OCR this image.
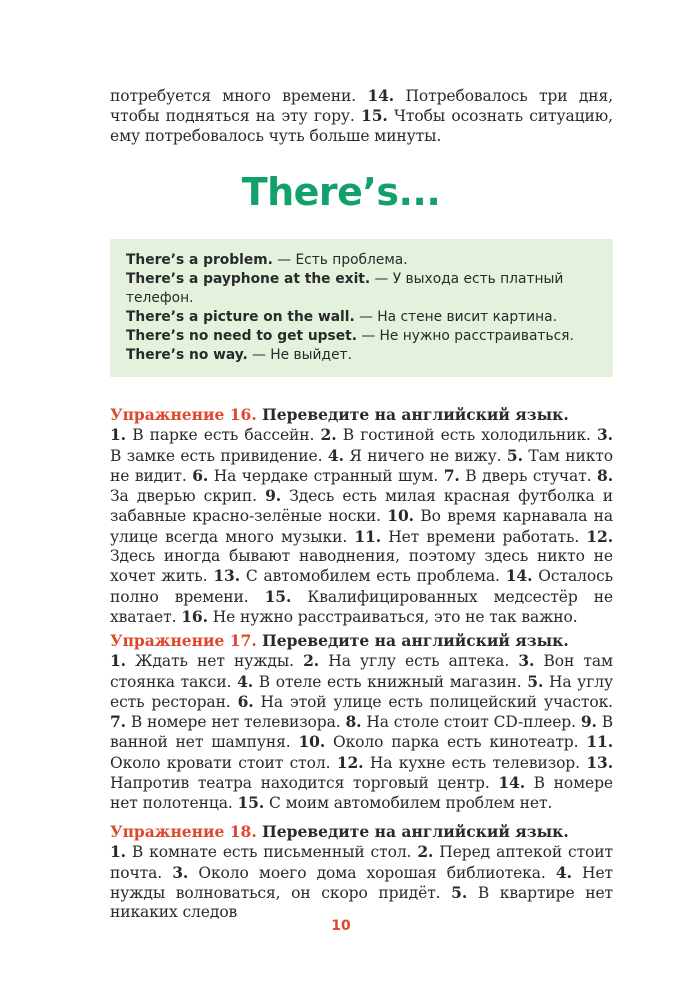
потребуется много времени. 14. Потребовалось три дня, чтобы подняться на эту гору. 15. Чтобы осознать ситуацию, ему потребовалось чуть больше минуты.

There’s...

There’s a problem. — Есть проблема.

There’s a payphone at the exit. — У выхода есть платный телефон.

There’s a picture on the wall. — На стене висит картина.

There’s no need to get upset. — Не нужно расстраиваться.

There’s no way. — Не выйдет.

Упражнение 16. Переведите на английский язык.

1. В парке есть бассейн. 2. В гостиной есть холодильник. 3. В замке есть привидение. 4. Я ничего не вижу. 5. Там никто не видит. 6. На чердаке странный шум. 7. В дверь стучат. 8. За дверью скрип. 9. Здесь есть милая красная футболка и забавные красно-зелёные носки. 10. Во время карнавала на улице всегда много музыки. 11. Нет времени работать. 12. Здесь иногда бывают наводнения, поэтому здесь никто не хочет жить. 13. С автомобилем есть проблема. 14. Осталось полно времени. 15. Квалифицированных медсестёр не хватает. 16. Не нужно расстраиваться, это не так важно.

Упражнение 17. Переведите на английский язык.

1. Ждать нет нужды. 2. На углу есть аптека. 3. Вон там стоянка такси. 4. В отеле есть книжный магазин. 5. На углу есть ресторан. 6. На этой улице есть полицейский участок. 7. В номере нет телевизора. 8. На столе стоит CD-плеер. 9. В ванной нет шампуня. 10. Около парка есть кинотеатр. 11. Около кровати стоит стол. 12. На кухне есть телевизор. 13. Напротив театра находится торговый центр. 14. В номере нет полотенца. 15. С моим автомобилем проблем нет.

Упражнение 18. Переведите на английский язык.

1. В комнате есть письменный стол. 2. Перед аптекой стоит почта. 3. Около моего дома хорошая библиотека. 4. Нет нужды волноваться, он скоро придёт. 5. В квартире нет никаких следов

10
